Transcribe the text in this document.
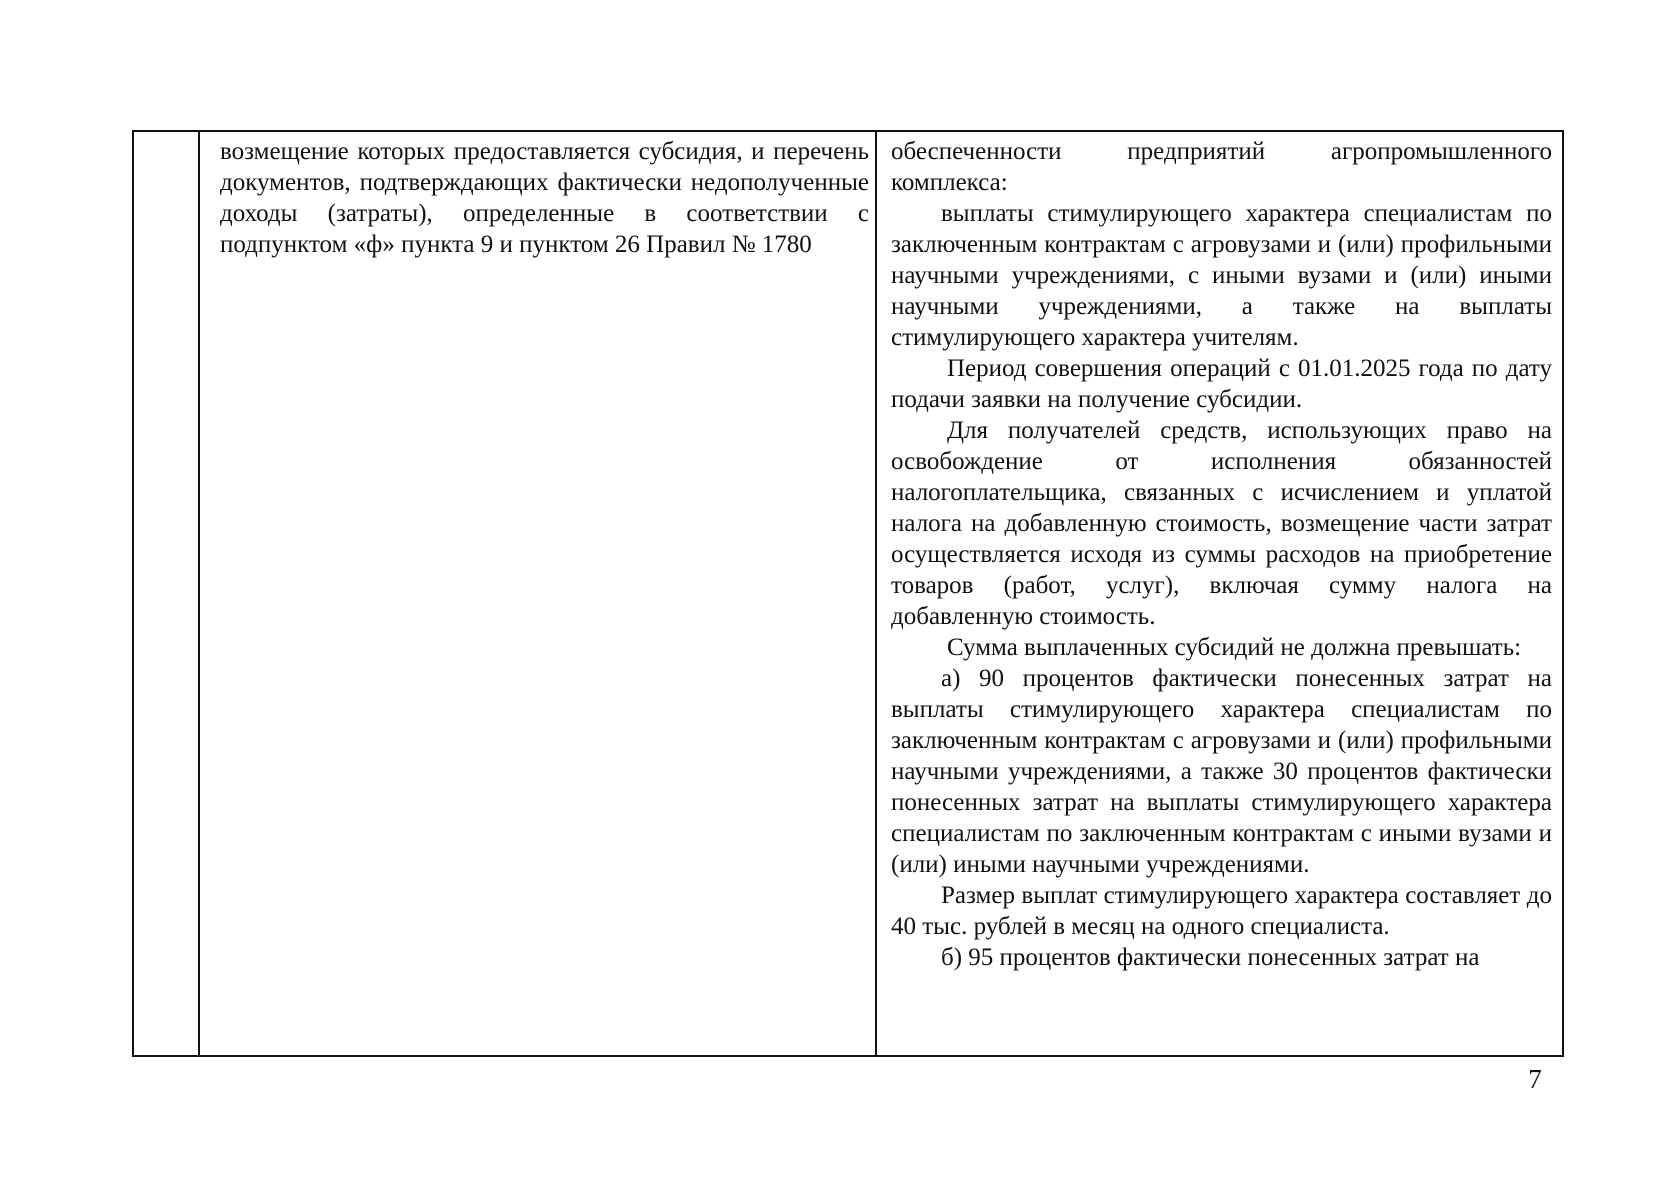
возмещение которых предоставляется субсидия, и перечень документов, подтверждающих фактически недополученные доходы (затраты), определенные в соответствии с подпунктом «ф» пункта 9 и пунктом 26 Правил № 1780

обеспеченности предприятий агропромышленного комплекса:

выплаты стимулирующего характера специалистам по заключенным контрактам с агровузами и (или) профильными научными учреждениями, с иными вузами и (или) иными научными учреждениями, а также на выплаты стимулирующего характера учителям.

Период совершения операций с 01.01.2025 года по дату подачи заявки на получение субсидии.

Для получателей средств, использующих право на освобождение от исполнения обязанностей налогоплательщика, связанных с исчислением и уплатой налога на добавленную стоимость, возмещение части затрат осуществляется исходя из суммы расходов на приобретение товаров (работ, услуг), включая сумму налога на добавленную стоимость.

Сумма выплаченных субсидий не должна превышать:

а) 90 процентов фактически понесенных затрат на выплаты стимулирующего характера специалистам по заключенным контрактам с агровузами и (или) профильными научными учреждениями, а также 30 процентов фактически понесенных затрат на выплаты стимулирующего характера специалистам по заключенным контрактам с иными вузами и (или) иными научными учреждениями.

Размер выплат стимулирующего характера составляет до 40 тыс. рублей в месяц на одного специалиста.

б) 95 процентов фактически понесенных затрат на

7
